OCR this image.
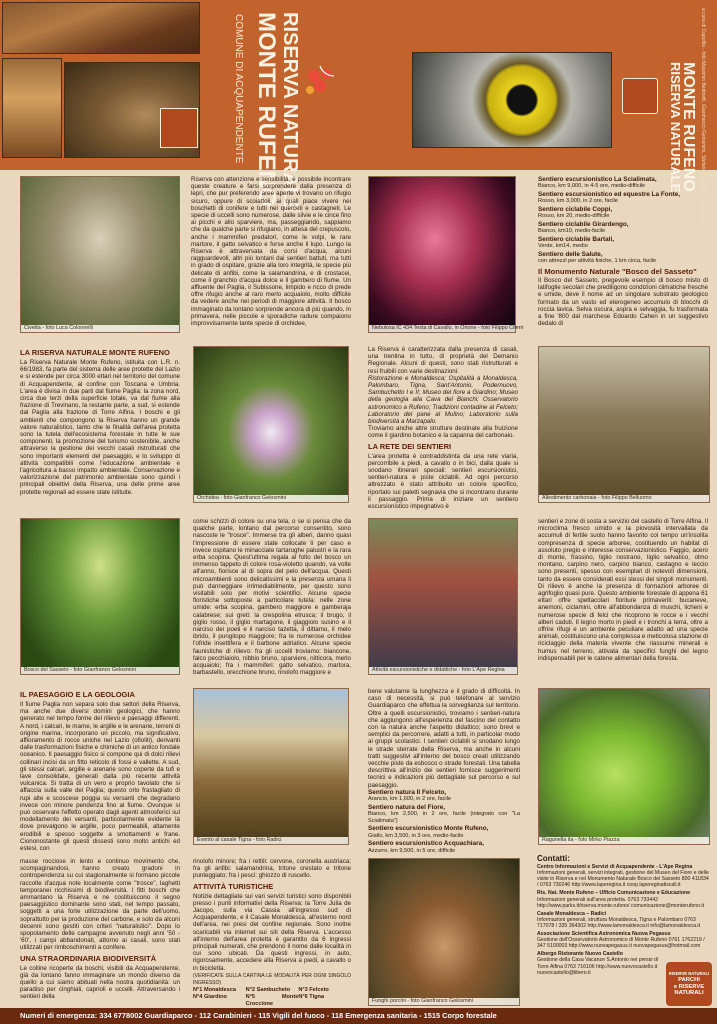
RISERVA NATURALE
MONTE RUFENO
COMUNE DI ACQUAPENDENTE	a cura di Capofila - foto Massimo Bedinelli, Gianfranco Gelosmini, Stefano Capofila - Luca Colonnelli
RISERVA NATURALE
MONTE RUFENO
Civetta - foto Luca Colonnelli
Riserva con attenzione e sensibilità, è possibile incontrare queste creature e farsi sorprendere dalla presenza di lepri, che pur preferendo aree aperte vi trovano un rifugio sicuro, oppure di scoiattoli, ai quali piace vivere nei boschetti di conifere e tutti nei querceti e castagneti. Le specie di uccelli sono numerose, dalle silvie e le cince fino ai picchi e allo sparviere, ma, passeggiando, sappiamo che da qualche parte si rifugiano, in attesa del crepuscolo, anche i mammiferi predatori, come le volpi, le rare martore, il gatto selvatico e forse anche il lupo. Lungo la Riserva è attraversata da corsi d'acqua, alcuni ragguardevoli, altri più lontani dai sentieri battuti, ma tutti in grado di ospitare, grazie alla loro integrità, le specie più delicate di anfibi, come la salamandrina, e di crostacei, come il granchio d'acqua dolce e il gambero di fiume. Un affluente del Paglia, il Subissone, limpido e ricco di prede offre rifugio anche al raro merlo acquaiolo, molto difficile da vedere anche nei periodi di maggiore attività. Il bosco immaginato da lontano sorprende ancora di più quando, in primavera, nelle piccole e sporadiche radure compaiono improvvisamente tante specie di orchidee,
Nebulosa IC 434 Testa di Cavallo, in Orione - foto Filippo Ciferri
Sentiero escursionistico La Scialimata,
Bianco, km 9,000, in 4-5 ore, medio-difficile
Sentiero escursionistico ed equestre La Fonte,
Rosso, km 3,000, in 2 ore, facile
Sentiero ciclabile Coppi,
Rosso, km 20, medio-difficile
Sentiero ciclabile Girardengo,
Bianco, km10, medio-facile
Sentiero ciclabile Bartali,
Verde, km14, medio
Sentiero delle Salute,
con attrezzi per attività fisiche, 1 km circa, facile
Il Monumento Naturale "Bosco del Sasseto"
Il Bosco del Sasseto, pregevole esempio di bosco misto di latifoglie secolari che prediligono condizioni climatiche fresche e umide, deve il nome ad un singolare substrato geologico formato da un vasto ed eterogeneo accumulo di blocchi di roccia lavica. Selva oscura, aspra e selvaggia, fu trasformata a fine '800 dal marchese Edoardo Cahen in un suggestivo dedalo di
LA RISERVA NATURALE MONTE RUFENO
La Riserva Naturale Monte Rufeno, istituita con L.R. n. 66/1983, fa parte del sistema delle aree protette del Lazio e si estende per circa 3000 ettari nel territorio del comune di Acquapendente, al confine con Toscana e Umbria. L'area è divisa in due parti dal fiume Paglia: la zona nord, circa due terzi della superficie totale, va dal fiume alla frazione di Trevinano, la restante parte, a sud, si estende dal Paglia alla frazione di Torre Alfina. I boschi e gli ambienti che compongono la Riserva hanno un grande valore naturalistico, tanto che le finalità dell'area protetta sono la tutela dell'ecosistema forestale in tutte le sue componenti, la promozione del turismo sostenibile, anche attraverso la gestione dei vecchi casali ristrutturati che sono importanti elementi del paesaggio, e lo sviluppo di attività compatibili come l'educazione ambientale e l'agricoltura a basso impatto ambientale. Conservazione e valorizzazione del patrimonio ambientale sono quindi i principali obiettivi della Riserva, una delle prime aree protette regionali ad essere state istituite.
Orchidea - foto Gianfranco Gelosmini
La Riserva è caratterizzata dalla presenza di casali, una trentina in tutto, di proprietà del Demanio Regionale. Alcuni di questi, sono stati ristrutturati e resi fruibili con varie destinazioni:
Ristorazione e Monaldesca; Ospitalità a Monaldesca, Palombaro, Tigna, Sant'Antonio, Podernuovo, Sambuchetto I e II; Museo del fiore a Giardino; Museo della geologia alla Cava del Bianchi; Osservatorio astronomico a Rufeno; Tradizioni contadine al Felceto; Laboratorio del pane al Mulino; Laboratorio sulla biodiversità a Marzapalo.
Troviamo anche altre strutture destinate alla fruizione come il giardino botanico e la capanna del carbonaio.
LA RETE DEI SENTIERI
L'area protetta è contraddistinta da una rete viaria, percorribile a piedi, a cavallo o in bici, dalla quale si snodano itinerari speciali: sentieri escursionistici, sentieri-natura e piste ciclabili. Ad ogni percorso attrezzato è stato attribuito un colore specifico, riportato sui paletti segnavia che si incontrano durante il passaggio. Prima di iniziare un sentiero escursionistico impegnativo è
Allestimento carbonaia - foto Filippo Belluomo
Bosco del Sasseto - foto Gianfranco Gelosmini
come schizzi di colore su una tela, o se si pensa che da qualche parte, lontano dal percorso consentito, sono nascoste le "trosce". Immerse tra gli alberi, danno quasi l'impressione di essere state collocate lì per caso e invece ospitano le minacciate tartarughe palustri e la rara erba scopina. Quest'ultima regala al folto del bosco un immenso tappeto di colore rosa-violetto quando, va volte all'anno, fiorisce al di sopra del pelo dell'acqua. Questi microambienti sono delicatissimi e la presenza umana li può danneggiare irrimediabilmente, per questo sono visitabili solo per motivi scientifici. Alcune specie floristiche sottoposte a particolare tutela: nelle zone umide: erba scopina, gambero maggiore e gamberaja calabrese; sui greti: la crespolina etrusca; il brugo, il giglio rosso, il giglio martagone, il giaggiolo susino e il narciso dei poeti e il narciso tazetta, il dittamo, il melo ibrido, il pungitopo maggiore; fra le numerose orchidee l'ofride insettifera e il barbone adriatico. Alcune specie faunistiche di rilievo: fra gli uccelli troviamo: biancone, falco pecchiaiolo, nibbio bruno, sparviere, nitticora, merlo acquaiolo; fra i mammiferi: gatto selvatico, martora, barbastello, orecchione bruno, rinolofo maggiore e	Attività escursionistiche e didattiche - foto L'Ape Regina
sentieri e zone di sosta a servizio del castello di Torre Alfina. Il microclima fresco umido e la piovosità intervallata da accumuli di fertile suolo hanno favorito col tempo un'insolita compresenza di specie arboree, costituendo un habitat di assoluto pregio e interesse conservazionistico. Faggio, acero di monte, frassino, tiglio nostrano, tiglio selvatico, olmo montano, carpino nero, carpino bianco, castagno e leccio sono presenti, spesso con esemplari di notevoli dimensioni, tanto da essere considerati essi stessi dei singoli monumenti. Di rilievo è anche la presenza di formazioni arboree di agrifoglio quasi pure. Questo ambiente forestale di appena 61 ettari offre spettacolari fioriture primaverili: bucaneve, anemoni, ciclamini, oltre all'abbondanza di muschi, licheni e numerose specie di felci che ricoprono le rocce e i vecchi alberi caduti. Il legno morto in piedi e i tronchi a terra, oltre a offrire rifugi e un ambiente peculiare adatto ad una specie animali, costituiscono una complessa e meticolosa stazione di riciclaggio della materia vivente che riassume minerali e humus nel terreno, attivata da specifici funghi del legno indispensabili per le catene alimentari della foresta.
IL PAESAGGIO E LA GEOLOGIA
Il fiume Paglia non separa solo due settori della Riserva, ma anche due diversi domini geologici, che hanno generato nel tempo forme del rilievo e paesaggi differenti. A nord, i calcari, le marne, le argille e le arenarie, terreni di origine marina, incorporano un piccolo, ma significativo, affioramento di rocce uniche nel Lazio (ofioliti), derivanti dalle trasformazioni fisiche e chimiche di un antico fondale oceanico. Il paesaggio fisico si compone qui di dolci rilievi collinari incisi da un fitto reticolo di fossi e vallette. A sud, gli stessi calcari, argille e arenarie sono coperte da tufi e lave consolidate, generati dalla più recente attività vulcanica. Si tratta di un vero e proprio tavolato che si affaccia sulla valle del Paglia; questo orlo frastagliato di rupi alte e scoscese poggia su versanti che degradano invece con minore pendenza fino al fiume. Ovunque si può osservare l'effetto operato dagli agenti atmosferici sul modellamento dei versanti, particolarmente evidente là dove prevalgono le argille, poco permeabili, altamente erodibili e spesso soggette a smottamenti e frane. Ciononostante gli questi dissesti sono molto antichi ed estesi, con
Evento al casale Tigna - foto Radici
bene valutarne la lunghezza e il grado di difficoltà. In caso di necessità, si può telefonare al servizio Guardiaparco che effettua la sorveglianza sul territorio. Oltre a quelli escursionistici, troviamo i sentieri-natura che aggiungono all'esperienza del fascino del contatto con la natura anche l'aspetto didattico; sono brevi e semplici da percorrere, adatti a tutti, in particolar modo ai gruppi scolastici. I sentieri ciclabili si snodano lungo le strade sterrate della Riserva, ma anche in alcuni tratti suggestivi all'interno del bosco creati utilizzando vecchie piste da esbosco o strade forestali. Una tabella descrittiva all'inizio dei sentieri fornisce suggerimenti tecnici e indicazioni più dettagliate sul percorso e sul paesaggio.
Sentiero natura Il Felceto,
Arancio, km 1,600, in 2 ore, facile
Sentiero natura del Fiore,
Bianco, km 2,500, in 2 ore, facile (integrato con "La Scialimata")
Sentiero escursionistico Monte Rufeno,
Giallo, km 3,500, in 3 ore, medio-facile
Sentiero escursionistico Acquachiara,
Azzurro, km 9,500, in 5 ore, difficile
Raganella ita - foto Mirko Piazza
masse rocciose in lento e continuo movimento che, scompaginandosi, hanno creato gradoni in contropendenza su cui stagionalmente si formano piccole raccolte d'acqua note localmente come "trosce", laghetti temporanei ricchissimi di biodiversità. I fitti boschi che ammantano la Riserva e ne costituiscono il segno paesaggistico dominante sono stati, nel tempo passato, soggetti a una forte utilizzazione da parte dell'uomo, soprattutto per la produzione del carbone, e solo da alcuni decenni sono gestiti con criteri "naturalistici". Dopo lo spopolamento delle campagne avvenuto negli anni '50 - '60', i campi abbandonati, attorno ai casali, sono stati utilizzati per rimboschimenti a conifere.
UNA STRAORDINARIA BIODIVERSITÀ
Le colline ricoperte da boschi, visibili da Acquapendente, già da lontano fanno immaginare un mondo diverso da quello a cui siamo abituati nella nostra quotidianità: un paradiso per cinghiali, caprioli e uccelli. Attraversando i sentieri della
rinolofo minore; fra i rettili: cervone, coronella austriaca; fra gli anfibi: salamandrina, tritone crestato e tritone punteggiato; fra i pesci: ghiozzo di ruscello.
ATTIVITÀ TURISTICHE
Notizie dettagliate sui vari servizi turistici sono disponibili presso i punti informativi della Riserva: la Torre Julia de Jacopo, sulla via Cassia all'ingresso sud di Acquapendente, e il Casale Monaldesca, all'esterno nord dell'area, nei presi del confine regionale. Sono inoltre scaricabili via internet sui siti della Riserva. L'accesso all'interno dell'area protetta è garantito da 6 ingressi principali numerati, che prendono il nome dalle località in cui sono ubicati. Da questi ingressi, in auto, rigorosamente, accedere alla Riserva a piedi, a cavallo o in bicicletta.
(VERIFICATE SULLA CARTINA LE MODALITÀ PER OGNI SINGOLO INGRESSO)
N°1 Monaldesca	N°2 Sambucheto	N°3 Felceto
N°4 Giardino	N°5 Monte Croccione
N°6 Tigna
Funghi porcini - foto Gianfranco Gelosmini
Contatti:
Centro Informazioni e Servizi di Acquapendente - L'Ape Regina
Informazioni generali, servizi integrati, gestione del Museo del Fiore e delle visite in Riserva e nel Monumento Naturale Bosco del Sasseto 800 411834 / 0763 730246 http://www.laperegina.it coop.lapereginatiscali.it
Ris. Nat. Monte Rufeno – Ufficio Comunicazione e Educazione
Informazioni generali sull'area protetta. 0763 733442 http://www.parks.it/riserva.monte.rufeno/ comunicazione@monterufeno.it
Casale Monaldesca – Radici
Informazioni generali, struttura Monaldesca, Tigna e Palombaro 0763 717078 / 335 364302 http://www.lamonaldesca.it info@lamonaldesca.it
Associazione Scientifica Astronomica Nuova Pegasus
Gestione dell'Osservatorio Astronomico di Monte Rufeno 0761 1762219 / 347 5100003 http://www.nuovapegasus.it nuovapegasus@hotmail.com
Albergo Ristorante Nuovo Castello
Gestione della Casa Vacanze S.Antonio nei pressi di Torre Alfina 0763 716106 http://www.nuovocastello.it nuovocastello@libero.it	RISERVE NATURALI
PARCHI
e RISERVE
NATURALI
Numeri di emergenza: 334 6778002 Guardiaparco - 112 Carabinieri - 115 Vigili del fuoco - 118 Emergenza sanitaria - 1515 Corpo forestale
